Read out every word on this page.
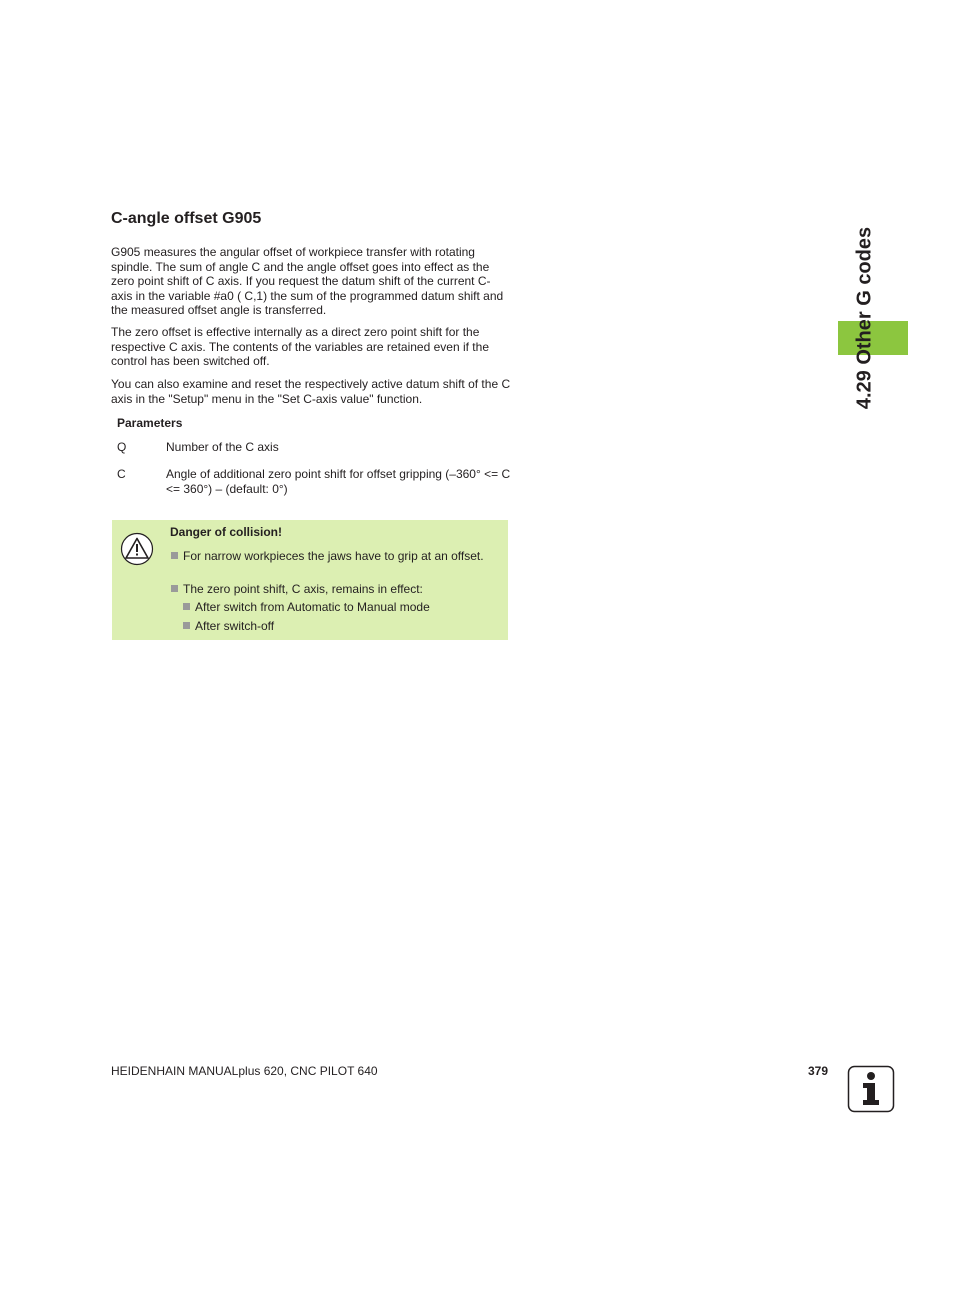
C-angle offset G905

G905 measures the angular offset of workpiece transfer with rotating spindle. The sum of angle C and the angle offset goes into effect as the zero point shift of C axis. If you request the datum shift of the current C-axis in the variable #a0 ( C,1) the sum of the programmed datum shift and the measured offset angle is transferred.

The zero offset is effective internally as a direct zero point shift for the respective C axis. The contents of the variables are retained even if the control has been switched off.

You can also examine and reset the respectively active datum shift of the C axis in the "Setup" menu in the "Set C-axis value" function.

Parameters
Q	Number of the C axis
C	Angle of additional zero point shift for offset gripping (–360° <= C <= 360°) – (default: 0°)
Danger of collision!
For narrow workpieces the jaws have to grip at an offset.
The zero point shift, C axis, remains in effect:
After switch from Automatic to Manual mode
After switch-off
4.29 Other G codes
HEIDENHAIN MANUALplus 620, CNC PILOT 640	379
